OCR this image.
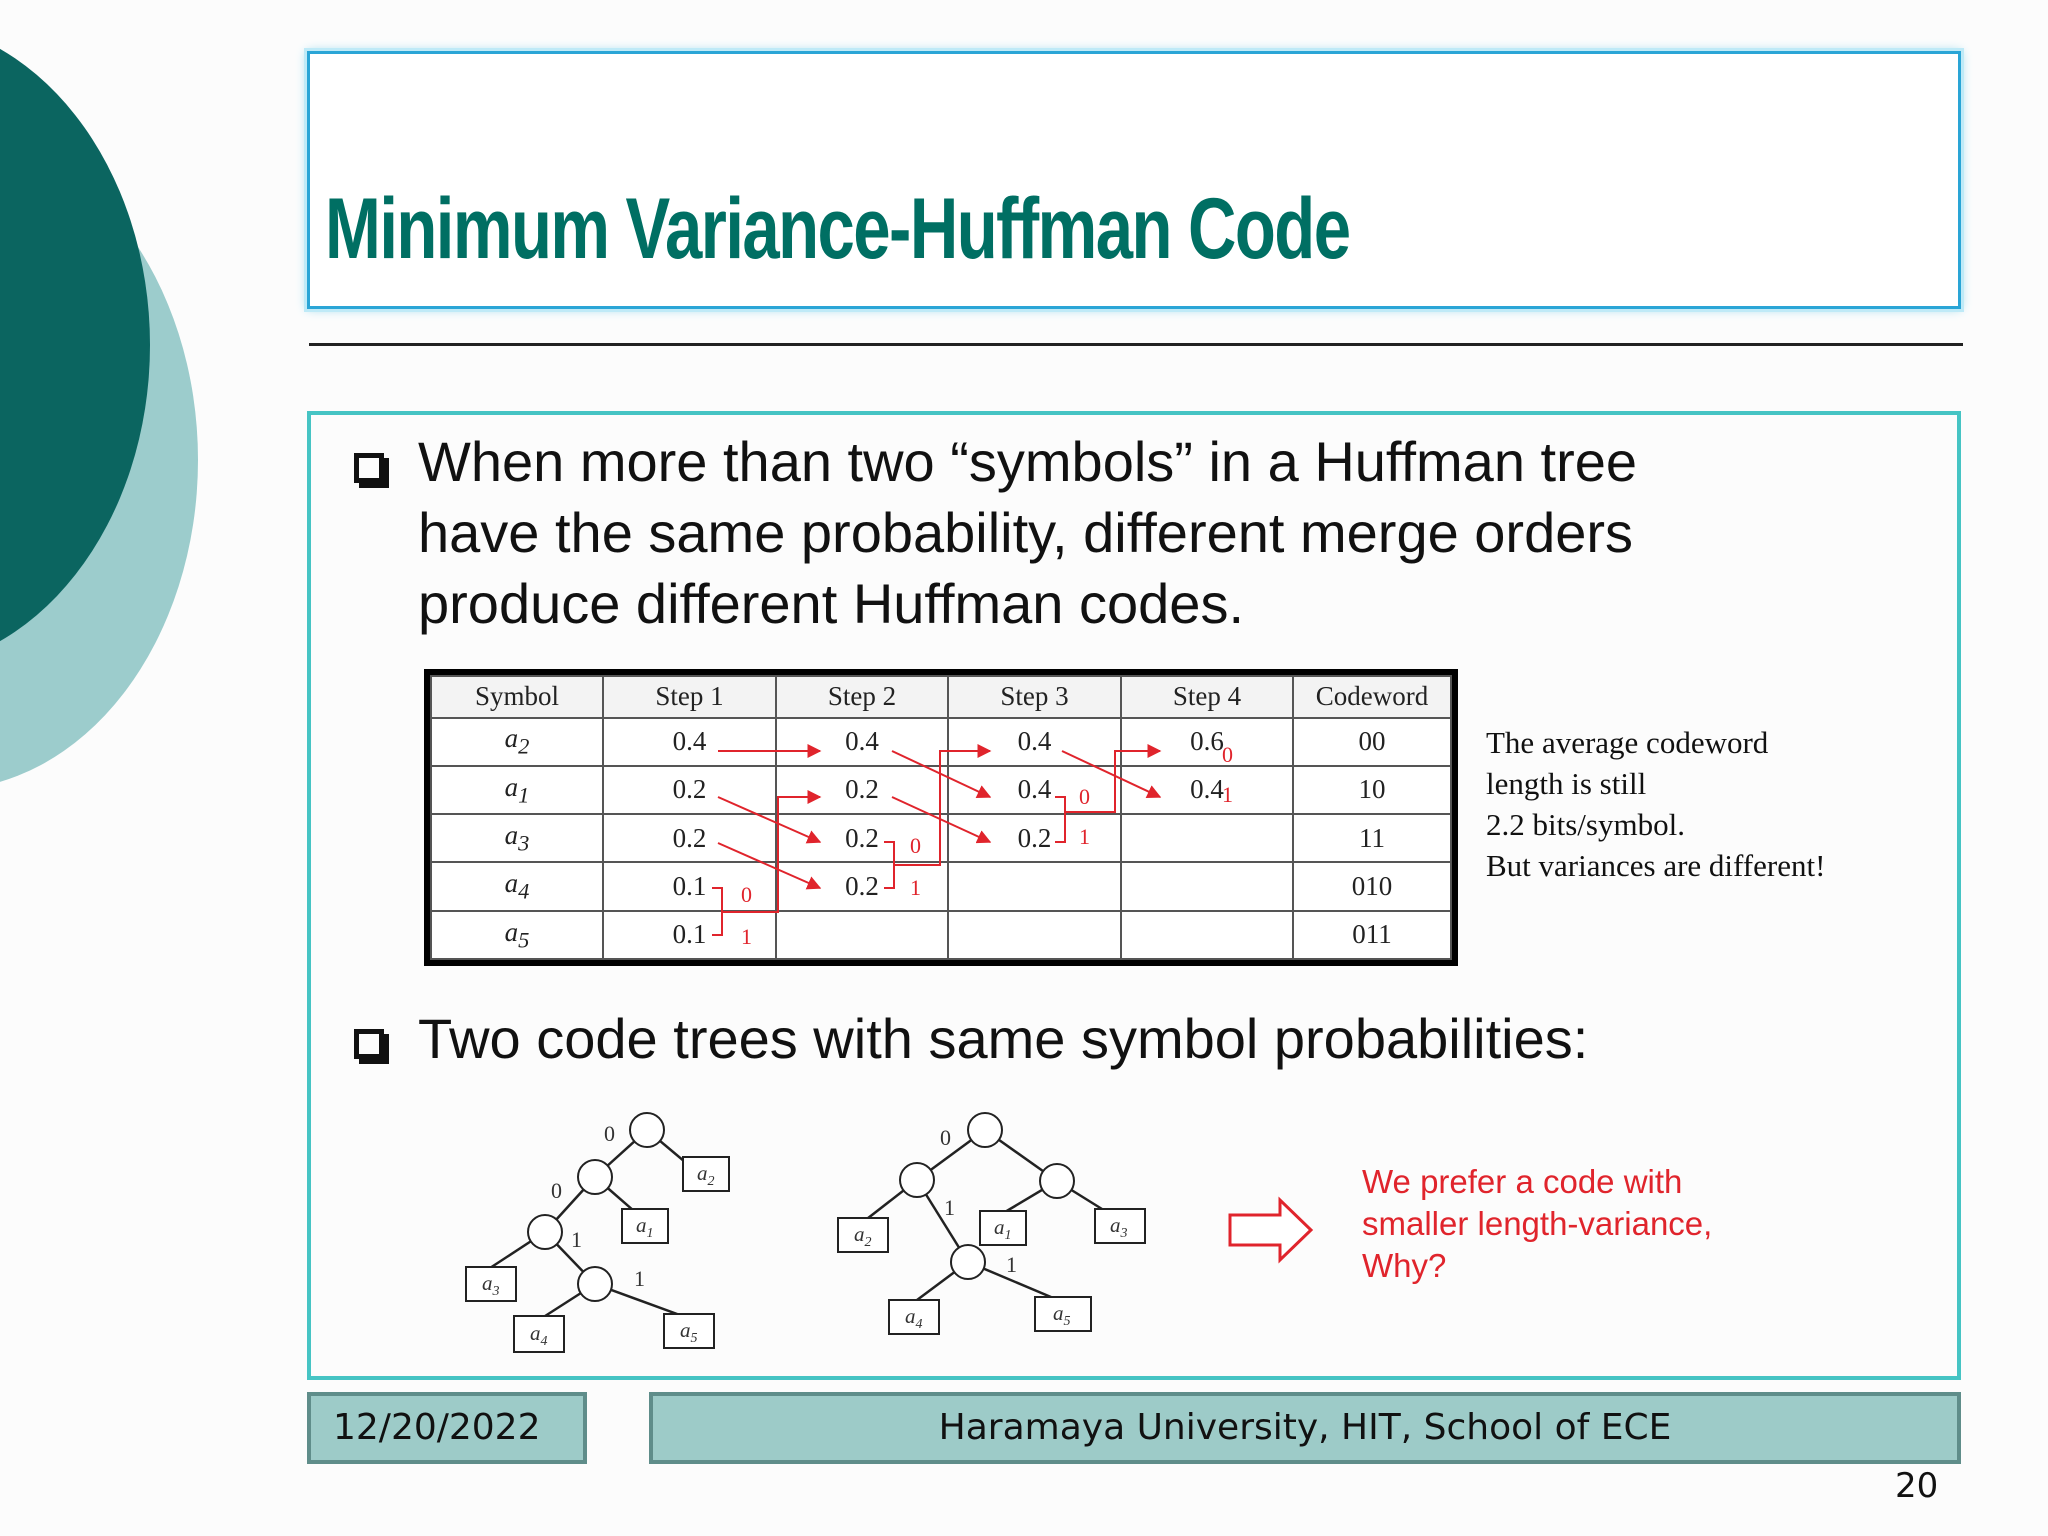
Minimum Variance-Huffman Code
When more than two “symbols” in a Huffman tree
have the same probability, different merge orders
produce different Huffman codes.
Symbol	Step 1	Step 2	Step 3	Step 4	Codeword
$a_2$	0.4	0.4	0.4	0.6	00
$a_1$	0.2	0.2	0.4	0.4	10
$a_3$	0.2	0.2	0.2		11
$a_4$	0.1	0.2			010
$a_5$	0.1				011
0
1
0
1
0
1
0
1
The average codeword
length is still
2.2 bits/symbol.
But variances are different!
Two code trees with same symbol probabilities:
0
0
1
1
0
1
1
$a_2$
$a_1$
$a_3$
$a_4$	$a_5$
$a_2$
$a_1$	$a_3$
$a_4$	$a_5$
We prefer a code with
smaller length-variance,
Why?
12/20/2022	Haramaya University, HIT, School of ECE
20
